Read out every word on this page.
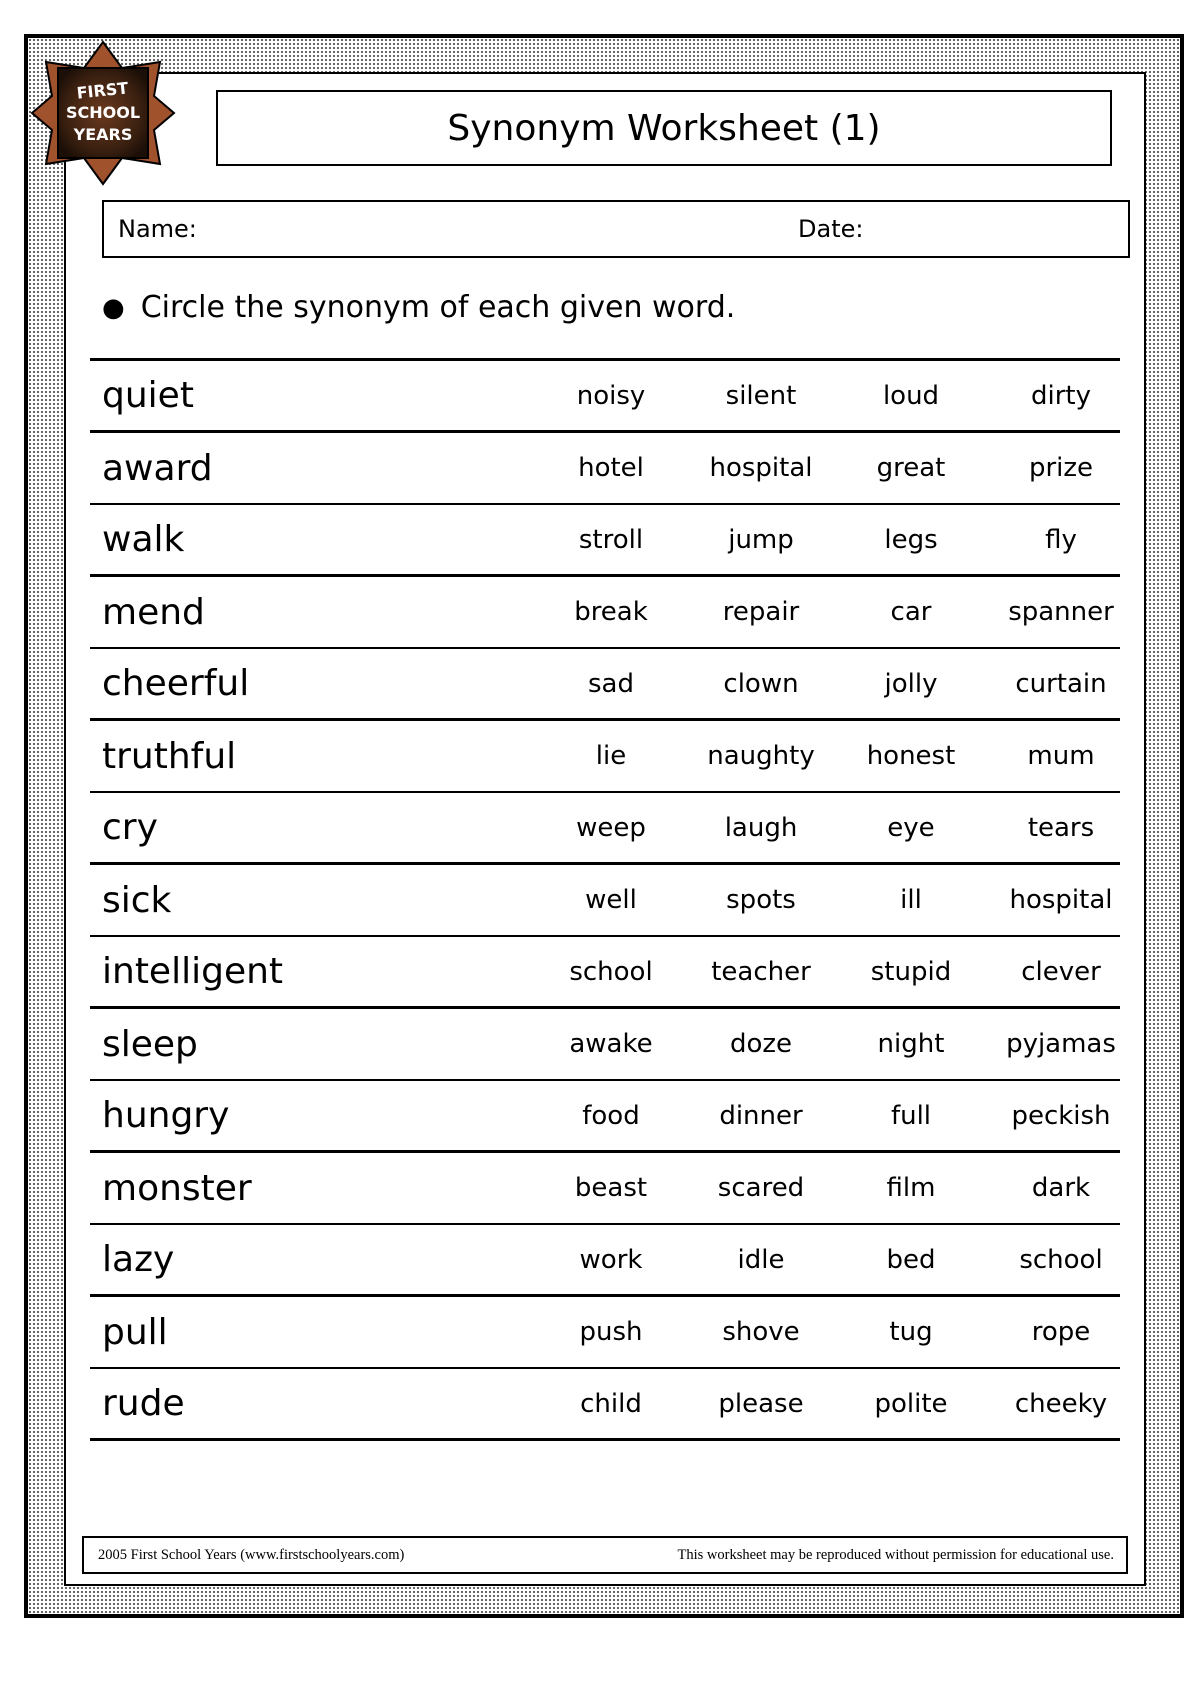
FIRST
SCHOOL
YEARS	Synonym Worksheet (1)
Name:	Date:
● Circle the synonym of each given word.
quiet	noisy	silent	loud	dirty
award	hotel	hospital	great	prize
walk	stroll	jump	legs	fly
mend	break	repair	car	spanner
cheerful	sad	clown	jolly	curtain
truthful	lie	naughty	honest	mum
cry	weep	laugh	eye	tears
sick	well	spots	ill	hospital
intelligent	school	teacher	stupid	clever
sleep	awake	doze	night	pyjamas
hungry	food	dinner	full	peckish
monster	beast	scared	film	dark
lazy	work	idle	bed	school
pull	push	shove	tug	rope
rude	child	please	polite	cheeky
2005 First School Years (www.firstschoolyears.com)	This worksheet may be reproduced without permission for educational use.
